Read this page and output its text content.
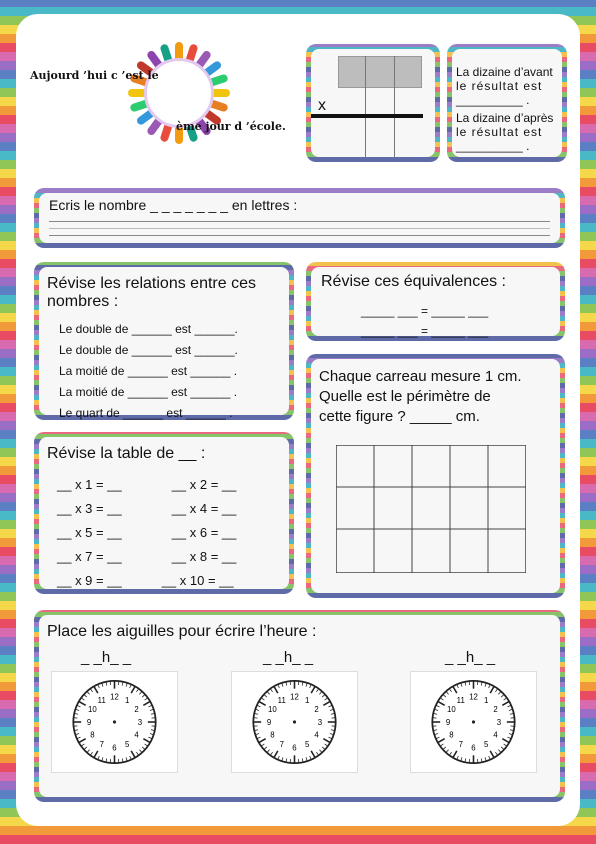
Aujourd ’hui c ’est le
ème jour d ’école.
x
La dizaine d’avant
le résultat est
__________ .
La dizaine d’après
le résultat est
__________ .
Ecris le nombre _ _ _ _ _ _ _ en lettres :
Révise les relations entre ces nombres :
Le double de ______ est ______.
Le double de ______ est ______.
La moitié de ______ est ______ .
La moitié de ______ est ______ .
Le quart de ______ est ______ .
Révise ces équivalences :
_____ ___ = _____ ___
_____ ___ = _____ ___
Chaque carreau mesure 1 cm.
Quelle est le périmètre de
cette figure ? _____ cm.
Révise la table de __ :
__ x 1 = __	__ x 2 = __
__ x 3 = __	__ x 4 = __
__ x 5 = __	__ x 6 = __
__ x 7 = __	__ x 8 = __
__ x 9 = __	__ x 10 = __
Place les aiguilles pour écrire l’heure :
_ _h_ _	_ _h_ _	_ _h_ _
12 1
2
3
4
5
6
7
8
9
10
11	12 1
2
3
4
5
6
7
8
9
10
11	12 1
2
3
4
5
6
7
8
9
10
11
